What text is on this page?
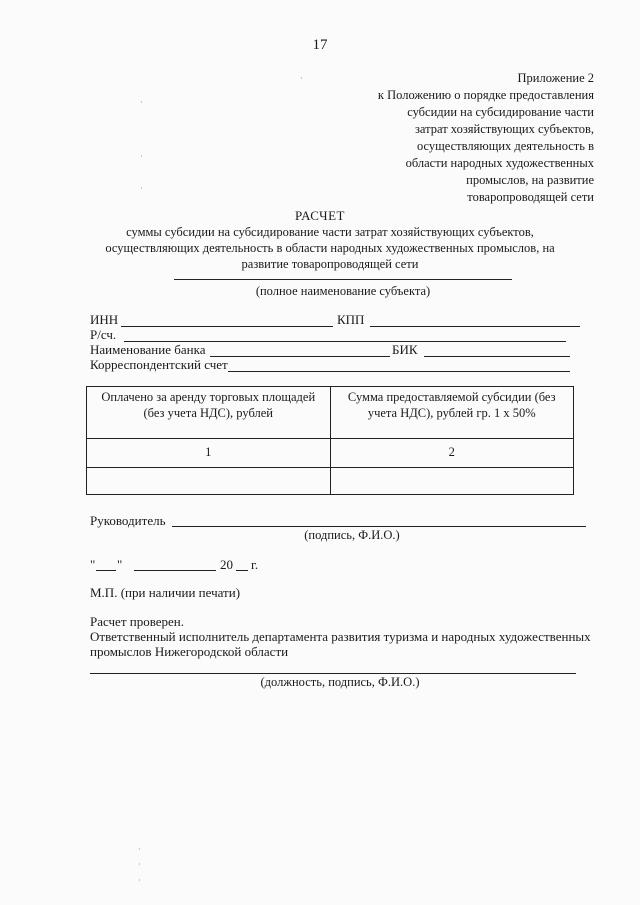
17
Приложение 2
к Положению о порядке предоставления
субсидии на субсидирование части
затрат хозяйствующих субъектов,
осуществляющих деятельность в
области народных художественных
промыслов, на развитие
товаропроводящей сети
·
·
·
·
РАСЧЕТ
суммы субсидии на субсидирование части затрат хозяйствующих субъектов,
осуществляющих деятельность в области народных художественных промыслов, на
развитие товаропроводящей сети
(полное наименование субъекта)
ИНН	КПП
Р/сч.
Наименование банка	БИК
Корреспондентский счет
Оплачено за аренду торговых площадей (без учета НДС), рублей	Сумма предоставляемой субсидии (без учета НДС), рублей гр. 1 х 50%
1	2

Руководитель
(подпись, Ф.И.О.)
" "	20 г.
М.П. (при наличии печати)
Расчет проверен.
Ответственный исполнитель департамента развития туризма и народных художественных
промыслов Нижегородской области
(должность, подпись, Ф.И.О.)
·
·
·
